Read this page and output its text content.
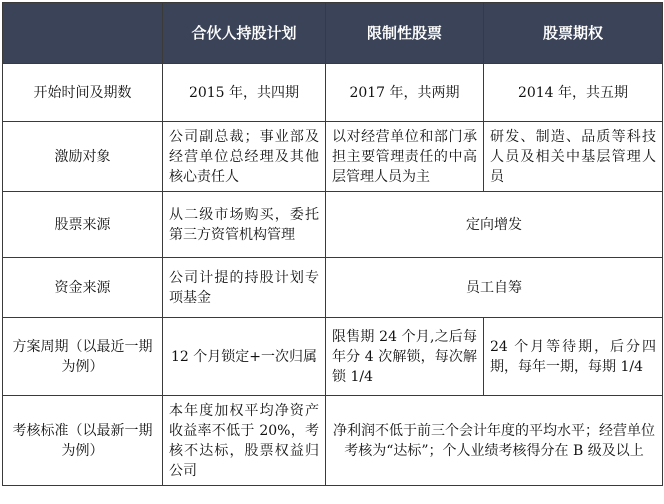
	合伙人持股计划	限制性股票	股票期权
开始时间及期数	2015 年，共四期	2017 年，共两期	2014 年，共五期
激励对象	公司副总裁；事业部及经营单位总经理及其他核心责任人	以对经营单位和部门承担主要管理责任的中高层管理人员为主	研发、制造、品质等科技人员及相关中基层管理人员
股票来源	从二级市场购买，委托第三方资管机构管理	定向增发	
资金来源	公司计提的持股计划专项基金	员工自筹	
方案周期（以最近一期为例）	12 个月锁定+一次归属	限售期 24 个月,之后每年分 4 次解锁，每次解锁 1/4	24 个月等待期，后分四期，每年一期，每期 1/4
考核标准（以最新一期为例）	本年度加权平均净资产收益率不低于 20%，考核不达标，股票权益归公司	净利润不低于前三个会计年度的平均水平；经营单位考核为“达标”；个人业绩考核得分在 B 级及以上	
